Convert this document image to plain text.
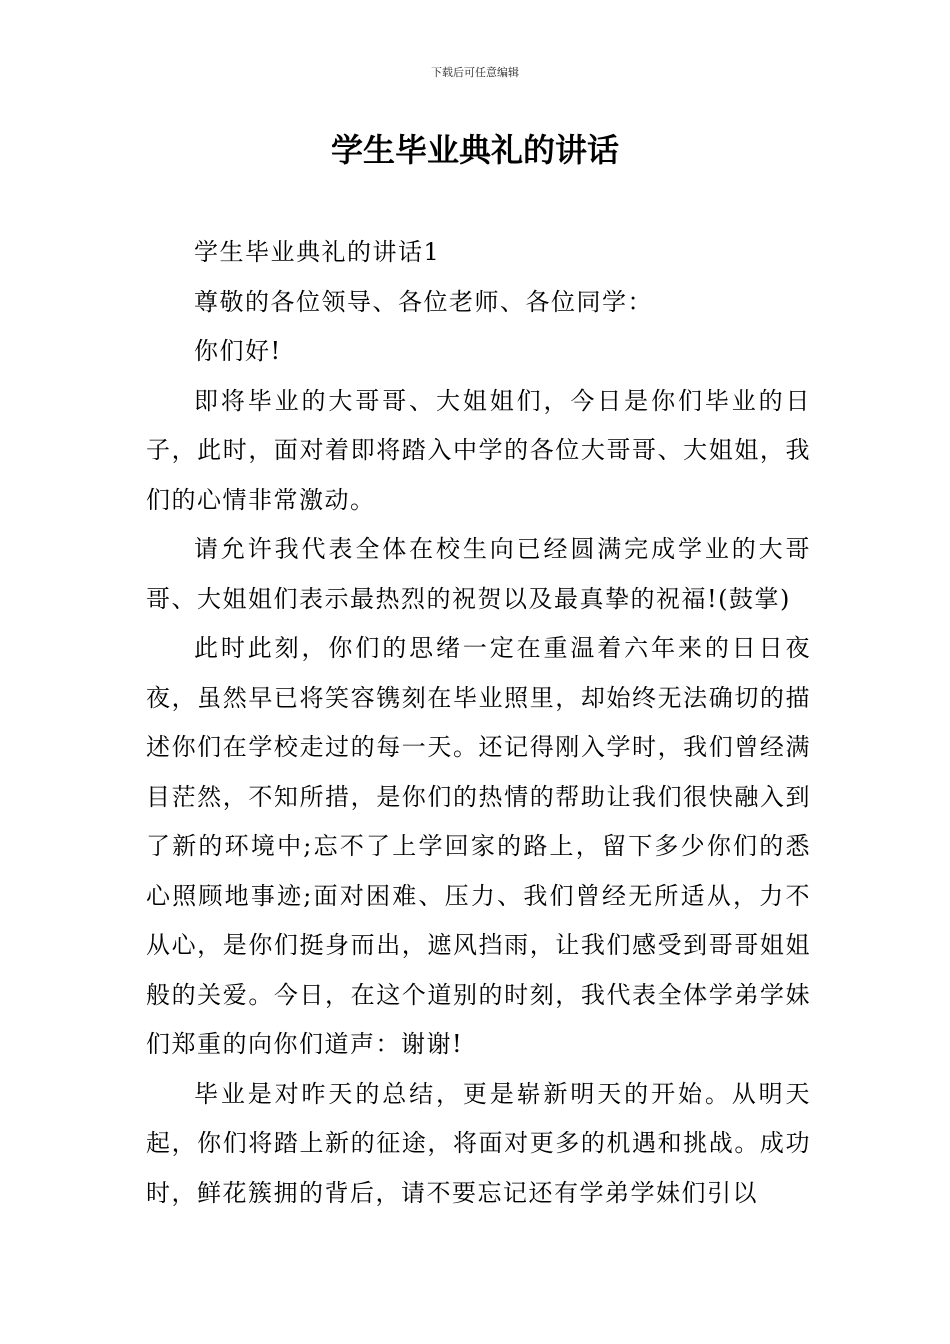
下载后可任意编辑
学生毕业典礼的讲话

学生毕业典礼的讲话1

尊敬的各位领导、各位老师、各位同学：

你们好!

即将毕业的大哥哥、大姐姐们，今日是你们毕业的日子，此时，面对着即将踏入中学的各位大哥哥、大姐姐，我们的心情非常激动。

请允许我代表全体在校生向已经圆满完成学业的大哥哥、大姐姐们表示最热烈的祝贺以及最真挚的祝福!(鼓掌)

此时此刻，你们的思绪一定在重温着六年来的日日夜夜，虽然早已将笑容镌刻在毕业照里，却始终无法确切的描述你们在学校走过的每一天。还记得刚入学时，我们曾经满目茫然，不知所措，是你们的热情的帮助让我们很快融入到了新的环境中;忘不了上学回家的路上，留下多少你们的悉心照顾地事迹;面对困难、压力、我们曾经无所适从，力不从心，是你们挺身而出，遮风挡雨，让我们感受到哥哥姐姐般的关爱。今日，在这个道别的时刻，我代表全体学弟学妹们郑重的向你们道声：谢谢!

毕业是对昨天的总结，更是崭新明天的开始。从明天起，你们将踏上新的征途，将面对更多的机遇和挑战。成功时，鲜花簇拥的背后，请不要忘记还有学弟学妹们引以
